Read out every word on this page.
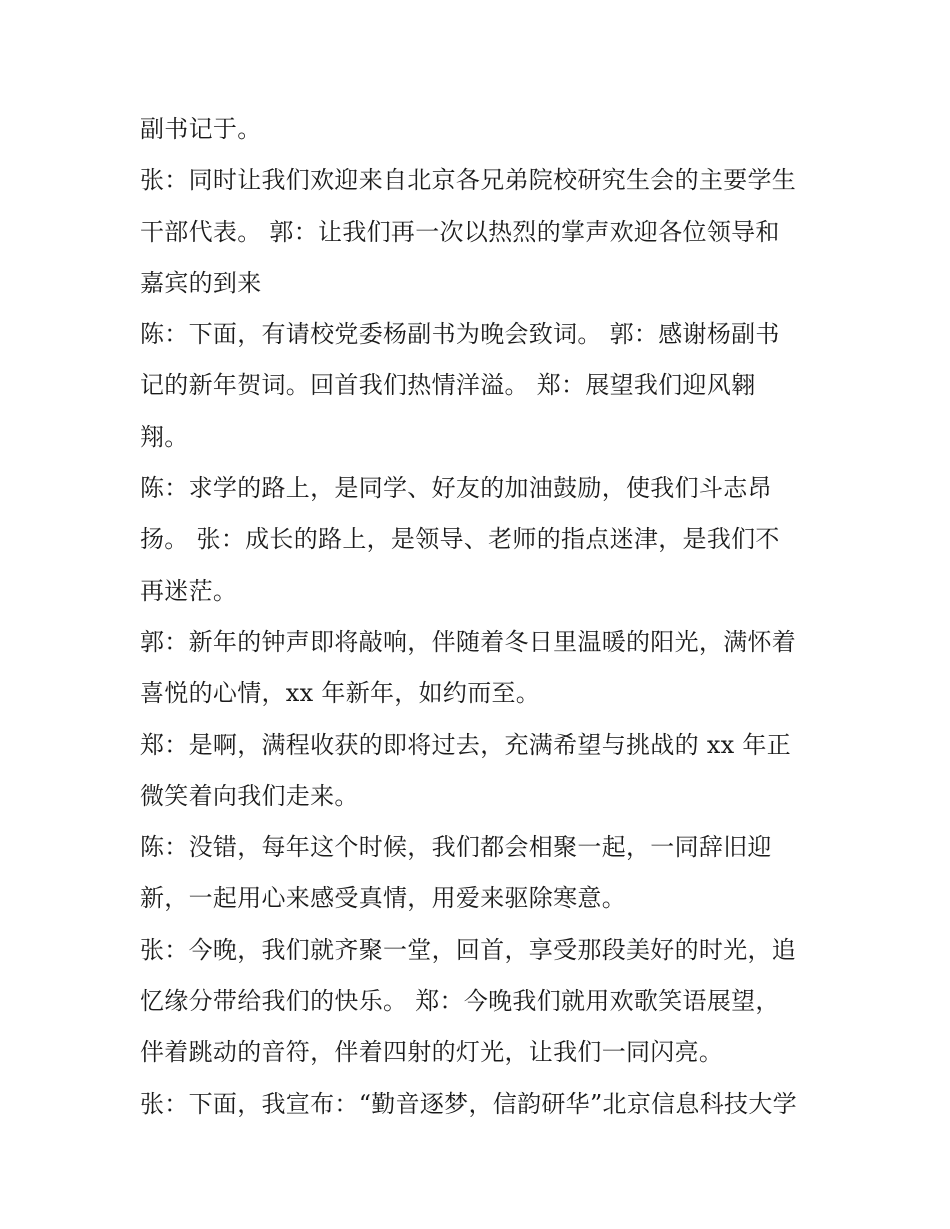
副书记于。
张：同时让我们欢迎来自北京各兄弟院校研究生会的主要学生
干部代表。 郭：让我们再一次以热烈的掌声欢迎各位领导和
嘉宾的到来
陈：下面，有请校党委杨副书为晚会致词。 郭：感谢杨副书
记的新年贺词。回首我们热情洋溢。 郑：展望我们迎风翱
翔。
陈：求学的路上，是同学、好友的加油鼓励，使我们斗志昂
扬。 张：成长的路上，是领导、老师的指点迷津，是我们不
再迷茫。
郭：新年的钟声即将敲响，伴随着冬日里温暖的阳光，满怀着
喜悦的心情，xx 年新年，如约而至。
郑：是啊，满程收获的即将过去，充满希望与挑战的 xx 年正
微笑着向我们走来。
陈：没错，每年这个时候，我们都会相聚一起，一同辞旧迎
新，一起用心来感受真情，用爱来驱除寒意。
张：今晚，我们就齐聚一堂，回首，享受那段美好的时光，追
忆缘分带给我们的快乐。 郑：今晚我们就用欢歌笑语展望，
伴着跳动的音符，伴着四射的灯光，让我们一同闪亮。
张：下面，我宣布：“勤音逐梦，信韵研华”北京信息科技大学
